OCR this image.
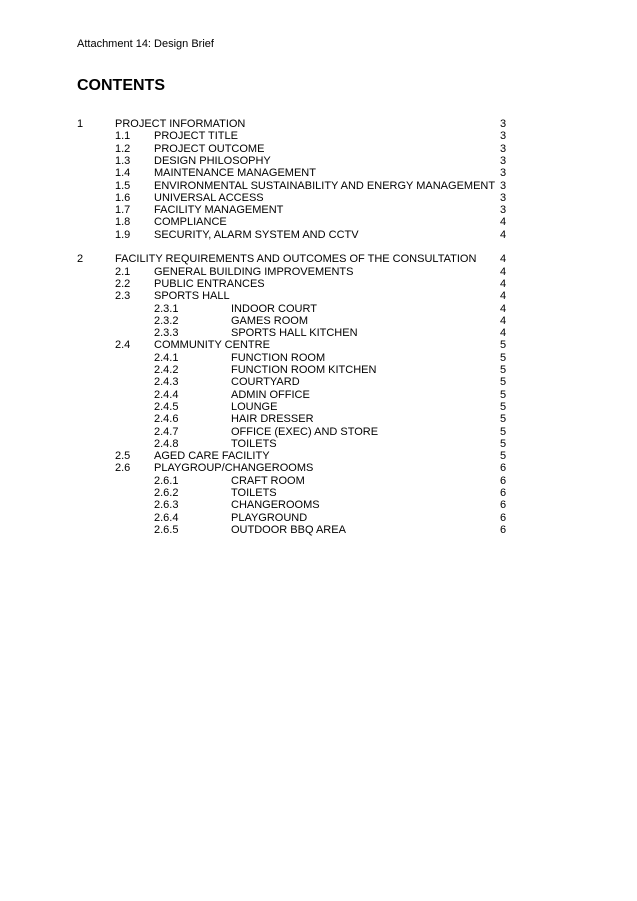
Attachment 14: Design Brief
CONTENTS
1	PROJECT INFORMATION	3
1.1 PROJECT TITLE	3
1.2 PROJECT OUTCOME	3
1.3 DESIGN PHILOSOPHY	3
1.4 MAINTENANCE MANAGEMENT	3
1.5 ENVIRONMENTAL SUSTAINABILITY AND ENERGY MANAGEMENT 3
1.6 UNIVERSAL ACCESS	3
1.7 FACILITY MANAGEMENT	3
1.8 COMPLIANCE	4
1.9 SECURITY, ALARM SYSTEM AND CCTV	4
2	FACILITY REQUIREMENTS AND OUTCOMES OF THE CONSULTATION 4
2.1 GENERAL BUILDING IMPROVEMENTS	4
2.2 PUBLIC ENTRANCES	4
2.3 SPORTS HALL	4
2.3.1	INDOOR COURT	4
2.3.2	GAMES ROOM	4
2.3.3	SPORTS HALL KITCHEN	4
2.4 COMMUNITY CENTRE	5
2.4.1	FUNCTION ROOM	5
2.4.2	FUNCTION ROOM KITCHEN	5
2.4.3	COURTYARD	5
2.4.4	ADMIN OFFICE	5
2.4.5	LOUNGE	5
2.4.6	HAIR DRESSER	5
2.4.7	OFFICE (EXEC) AND STORE	5
2.4.8	TOILETS	5
2.5 AGED CARE FACILITY	5
2.6 PLAYGROUP/CHANGEROOMS	6
2.6.1	CRAFT ROOM	6
2.6.2	TOILETS	6
2.6.3	CHANGEROOMS	6
2.6.4	PLAYGROUND	6
2.6.5	OUTDOOR BBQ AREA	6
